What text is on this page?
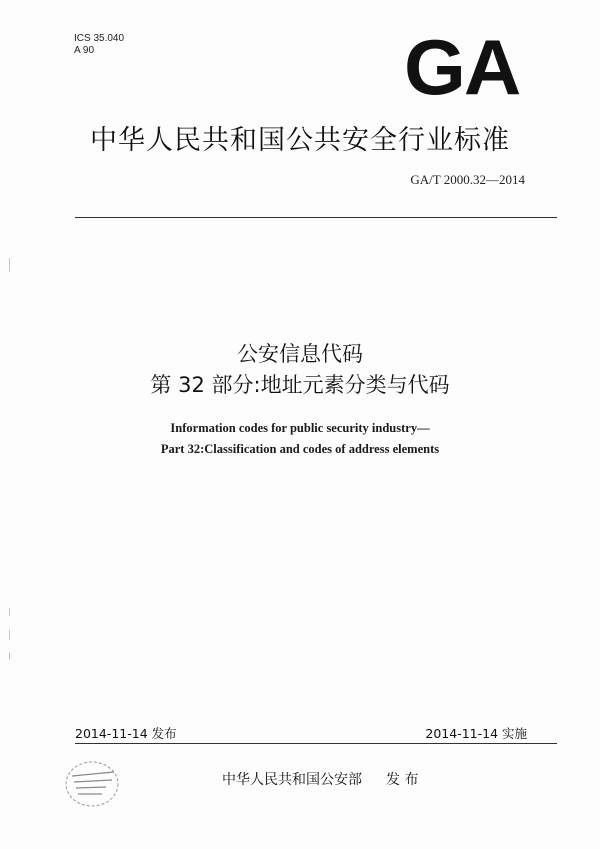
ICS 35.040
A 90	GA
中华人民共和国公共安全行业标准
GA/T 2000.32—2014
公安信息代码
第 32 部分:地址元素分类与代码
Information codes for public security industry—
Part 32:Classification and codes of address elements
2014-11-14 发布	2014-11-14 实施
中华人民共和国公安部 发 布
